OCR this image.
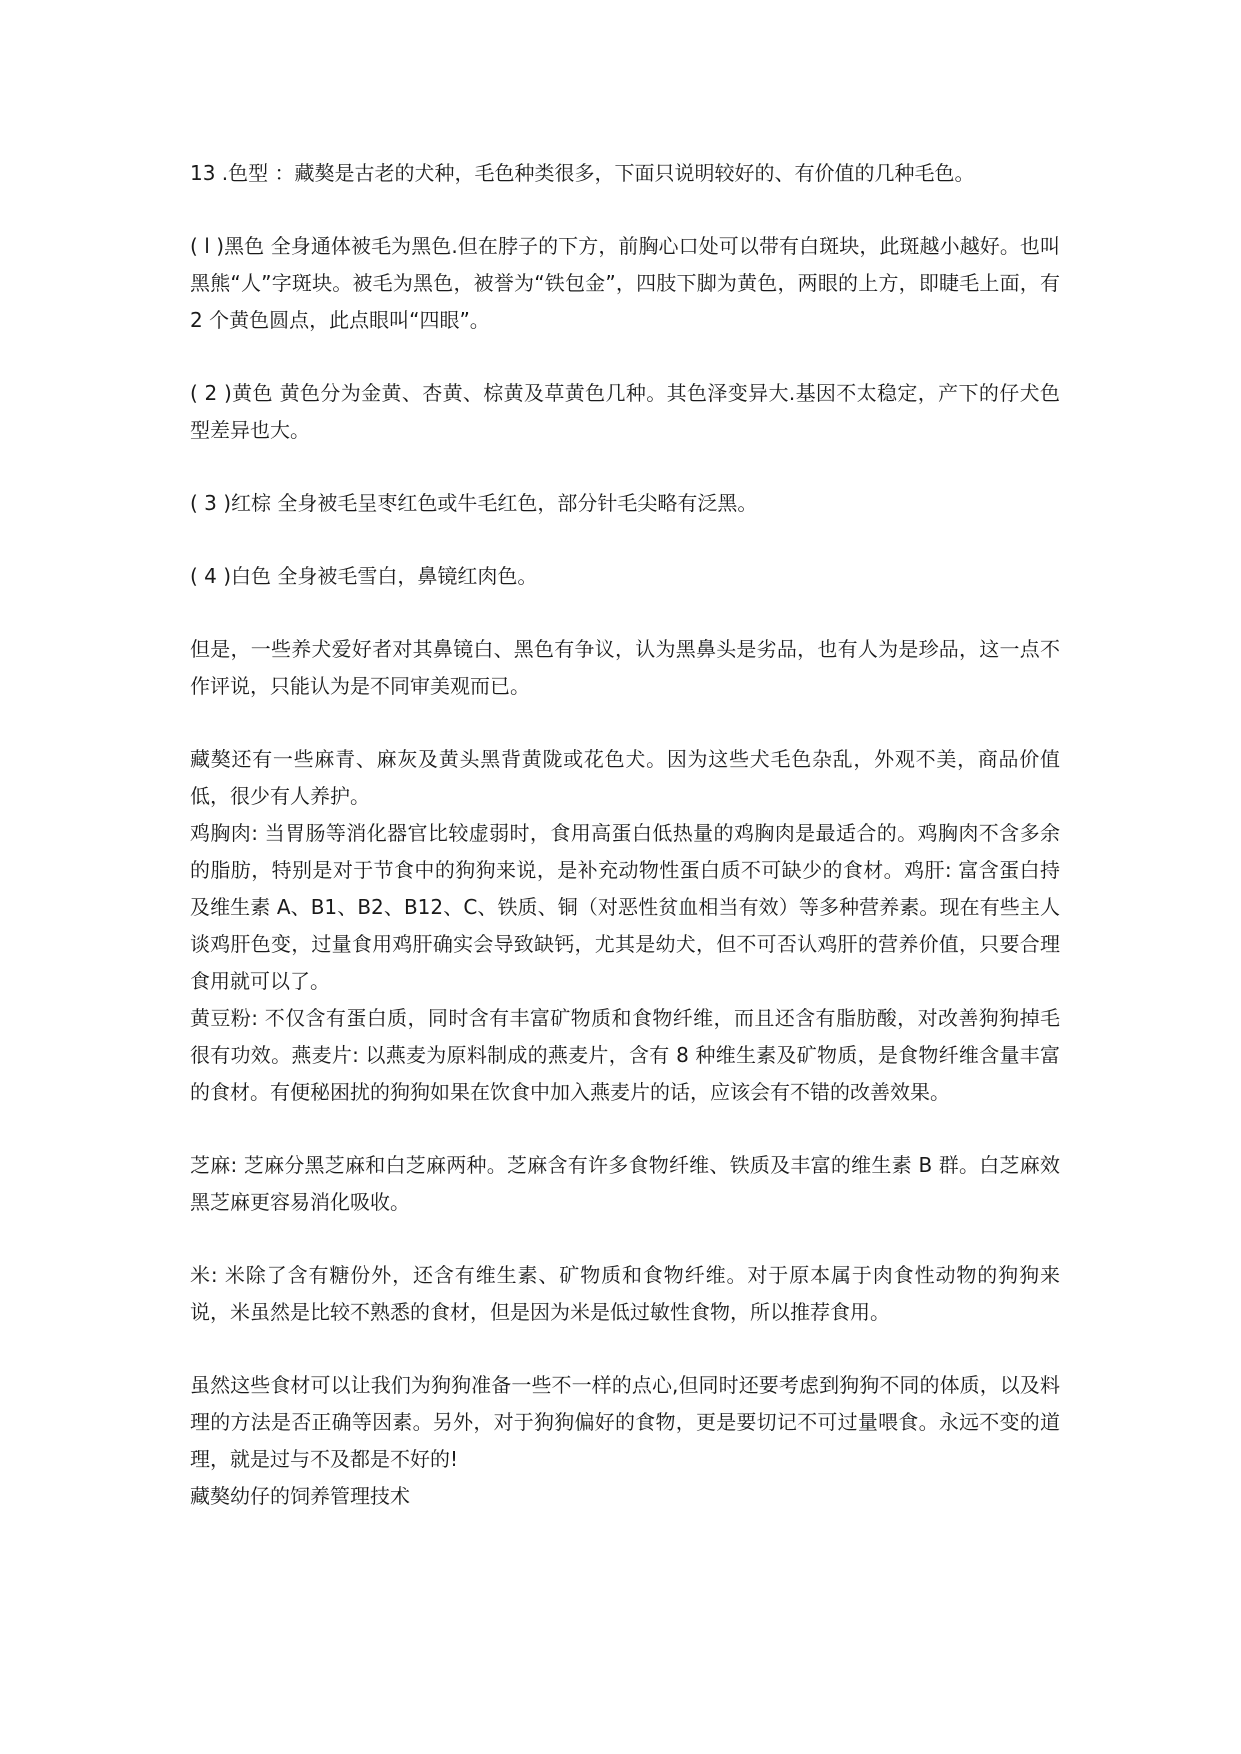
13 .色型 ：藏獒是古老的犬种，毛色种类很多，下面只说明较好的、有价值的几种毛色。

( l )黑色 全身通体被毛为黑色.但在脖子的下方，前胸心口处可以带有白斑块，此斑越小越好。也叫黑熊“人”字斑块。被毛为黑色，被誉为“铁包金”，四肢下脚为黄色，两眼的上方，即睫毛上面，有 2 个黄色圆点，此点眼叫“四眼”。

( 2 )黄色 黄色分为金黄、杏黄、棕黄及草黄色几种。其色泽变异大.基因不太稳定，产下的仔犬色型差异也大。

( 3 )红棕 全身被毛呈枣红色或牛毛红色，部分针毛尖略有泛黑。

( 4 )白色 全身被毛雪白，鼻镜红肉色。

但是，一些养犬爱好者对其鼻镜白、黑色有争议，认为黑鼻头是劣品，也有人为是珍品，这一点不作评说，只能认为是不同审美观而已。

藏獒还有一些麻青、麻灰及黄头黑背黄陇或花色犬。因为这些犬毛色杂乱，外观不美，商品价值低，很少有人养护。

鸡胸肉: 当胃肠等消化器官比较虚弱时，食用高蛋白低热量的鸡胸肉是最适合的。鸡胸肉不含多余的脂肪，特别是对于节食中的狗狗来说，是补充动物性蛋白质不可缺少的食材。鸡肝: 富含蛋白持及维生素 A、B1、B2、B12、C、铁质、铜（对恶性贫血相当有效）等多种营养素。现在有些主人谈鸡肝色变，过量食用鸡肝确实会导致缺钙，尤其是幼犬，但不可否认鸡肝的营养价值，只要合理食用就可以了。

黄豆粉: 不仅含有蛋白质，同时含有丰富矿物质和食物纤维，而且还含有脂肪酸，对改善狗狗掉毛很有功效。燕麦片: 以燕麦为原料制成的燕麦片，含有 8 种维生素及矿物质，是食物纤维含量丰富的食材。有便秘困扰的狗狗如果在饮食中加入燕麦片的话，应该会有不错的改善效果。

芝麻: 芝麻分黑芝麻和白芝麻两种。芝麻含有许多食物纤维、铁质及丰富的维生素 B 群。白芝麻效黑芝麻更容易消化吸收。

米: 米除了含有糖份外，还含有维生素、矿物质和食物纤维。对于原本属于肉食性动物的狗狗来说，米虽然是比较不熟悉的食材，但是因为米是低过敏性食物，所以推荐食用。

虽然这些食材可以让我们为狗狗准备一些不一样的点心,但同时还要考虑到狗狗不同的体质，以及料理的方法是否正确等因素。另外，对于狗狗偏好的食物，更是要切记不可过量喂食。永远不变的道理，就是过与不及都是不好的!

藏獒幼仔的饲养管理技术
